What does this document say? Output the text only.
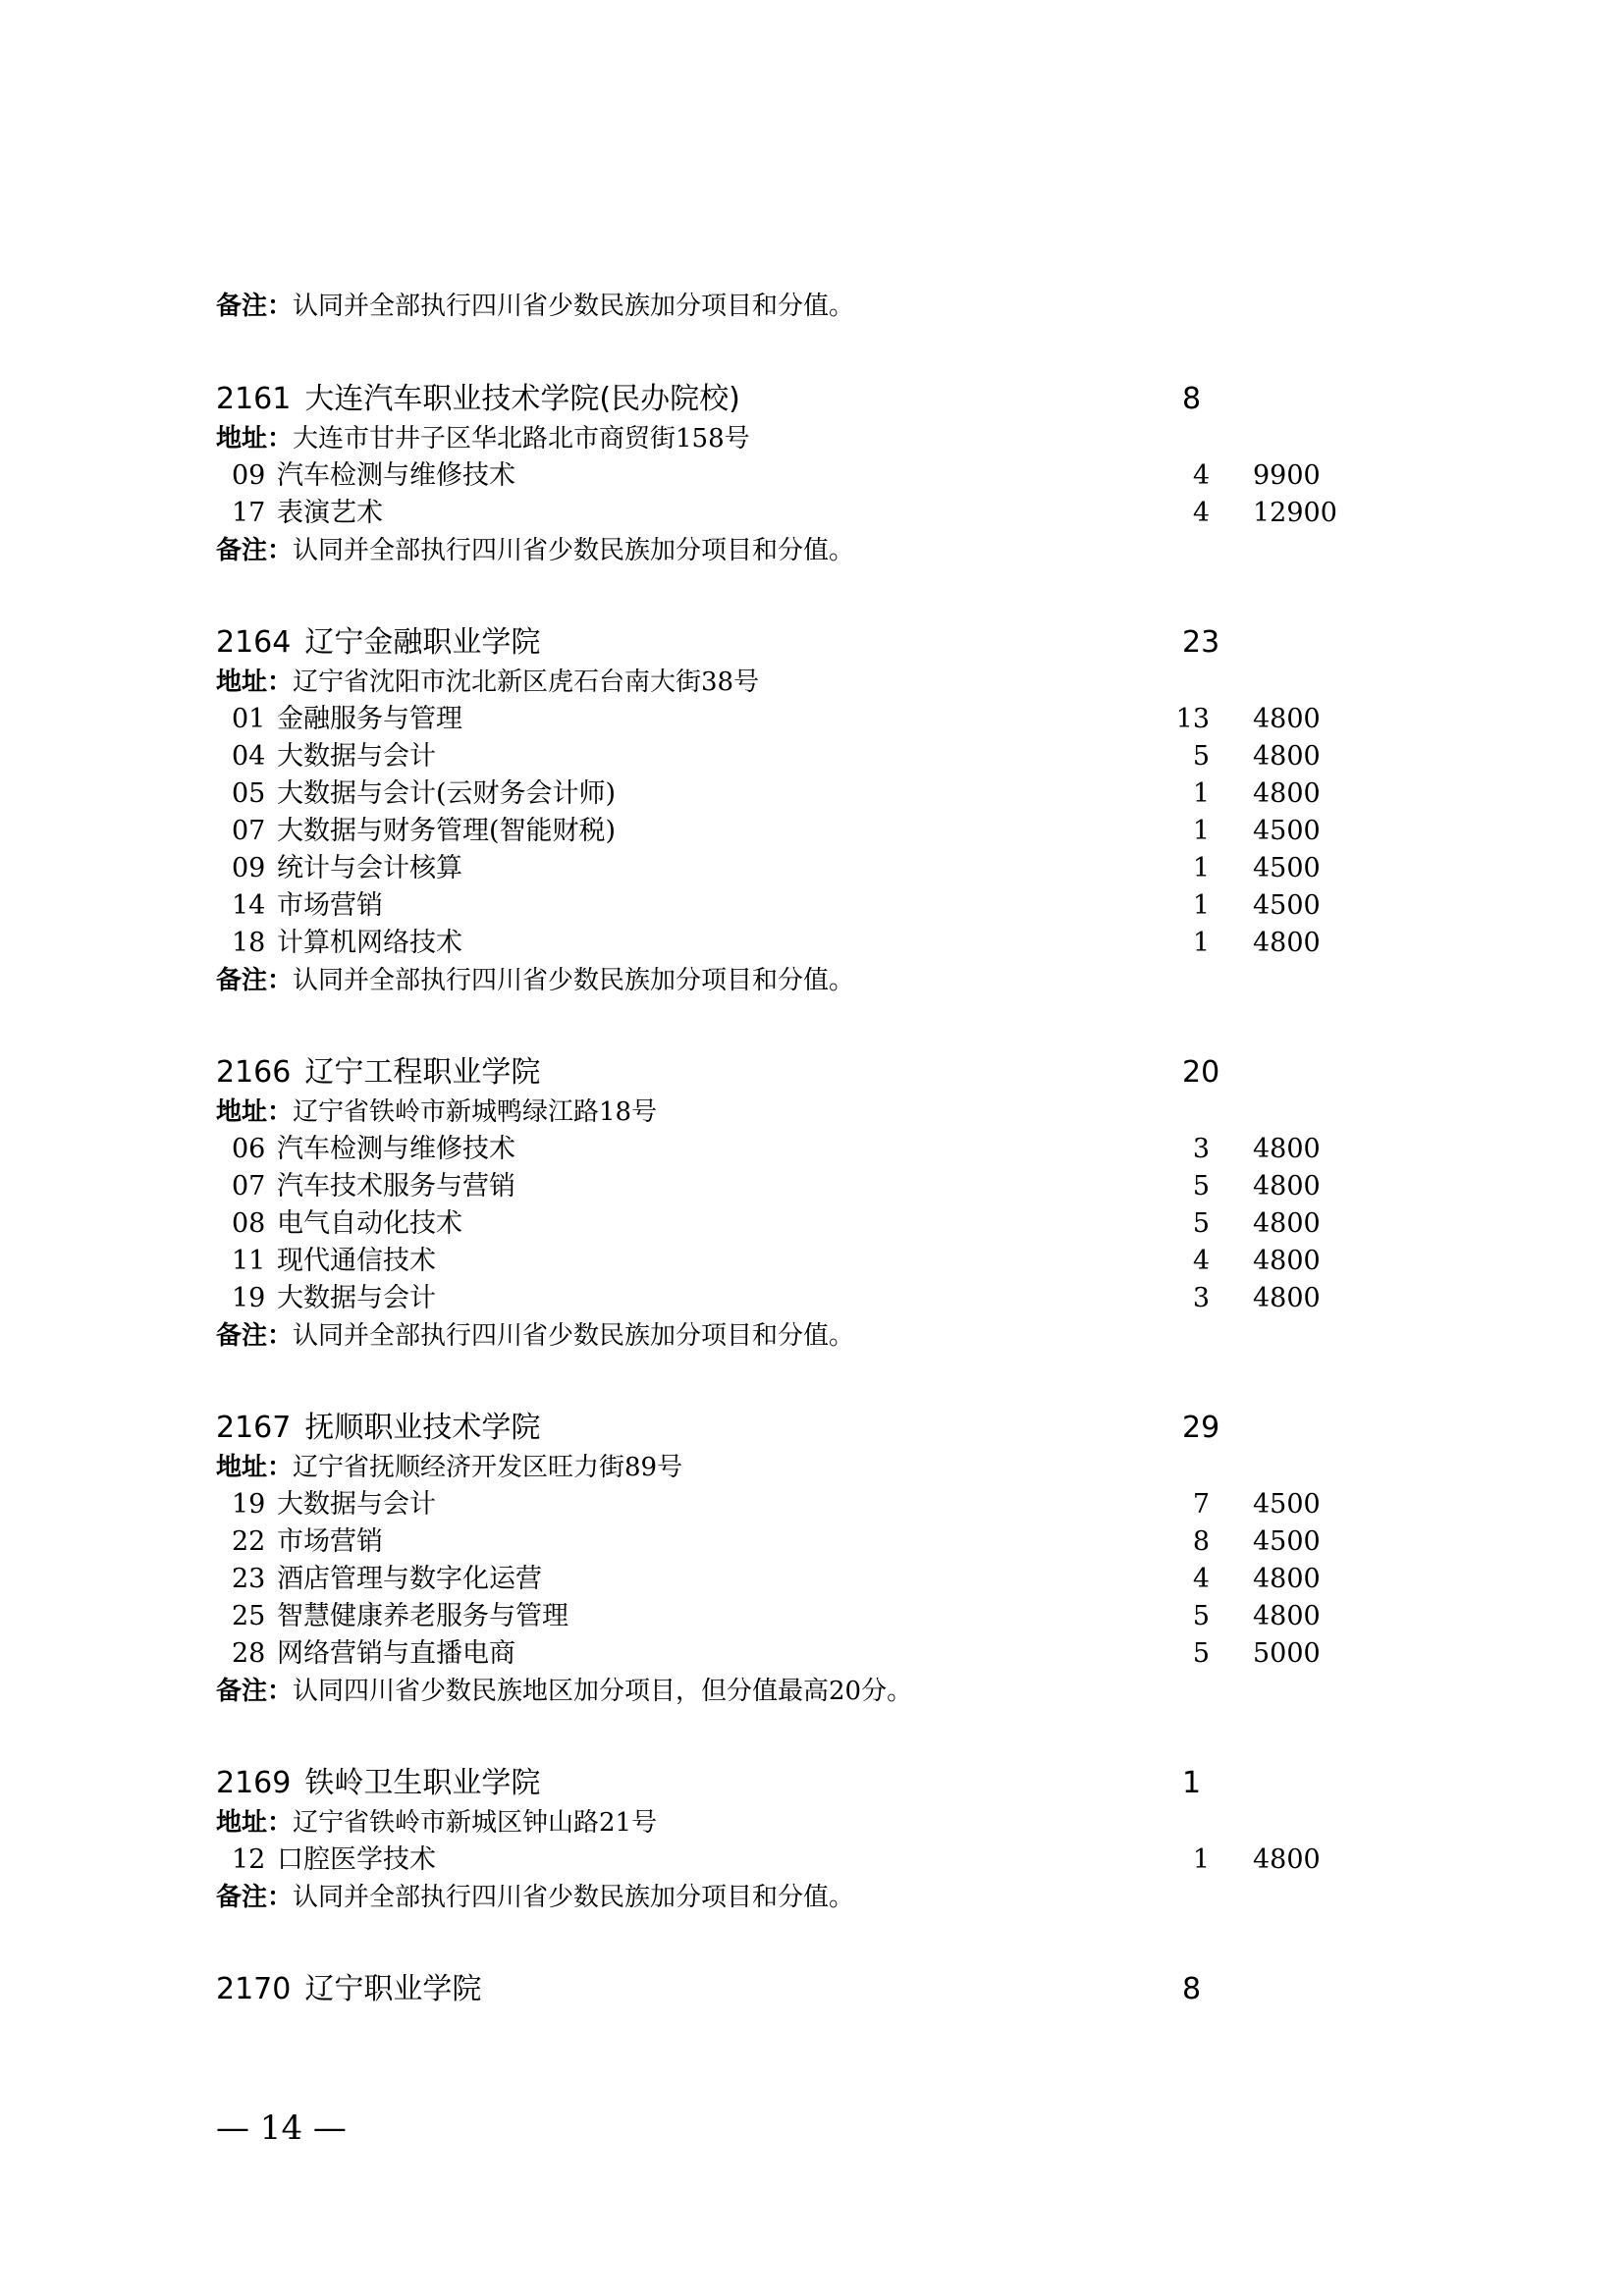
备注：认同并全部执行四川省少数民族加分项目和分值。
2161 大连汽车职业技术学院(民办院校)	8
地址：大连市甘井子区华北路北市商贸街158号
09 汽车检测与维修技术	4 9900
17 表演艺术	4 12900
备注：认同并全部执行四川省少数民族加分项目和分值。
2164 辽宁金融职业学院	23
地址：辽宁省沈阳市沈北新区虎石台南大街38号
01 金融服务与管理	13 4800
04 大数据与会计	5 4800
05 大数据与会计(云财务会计师)	1 4800
07 大数据与财务管理(智能财税)	1 4500
09 统计与会计核算	1 4500
14 市场营销	1 4500
18 计算机网络技术	1 4800
备注：认同并全部执行四川省少数民族加分项目和分值。
2166 辽宁工程职业学院	20
地址：辽宁省铁岭市新城鸭绿江路18号
06 汽车检测与维修技术	3 4800
07 汽车技术服务与营销	5 4800
08 电气自动化技术	5 4800
11 现代通信技术	4 4800
19 大数据与会计	3 4800
备注：认同并全部执行四川省少数民族加分项目和分值。
2167 抚顺职业技术学院	29
地址：辽宁省抚顺经济开发区旺力街89号
19 大数据与会计	7 4500
22 市场营销	8 4500
23 酒店管理与数字化运营	4 4800
25 智慧健康养老服务与管理	5 4800
28 网络营销与直播电商	5 5000
备注：认同四川省少数民族地区加分项目，但分值最高20分。
2169 铁岭卫生职业学院	1
地址：辽宁省铁岭市新城区钟山路21号
12 口腔医学技术	1 4800
备注：认同并全部执行四川省少数民族加分项目和分值。
2170 辽宁职业学院	8
— 14 —
